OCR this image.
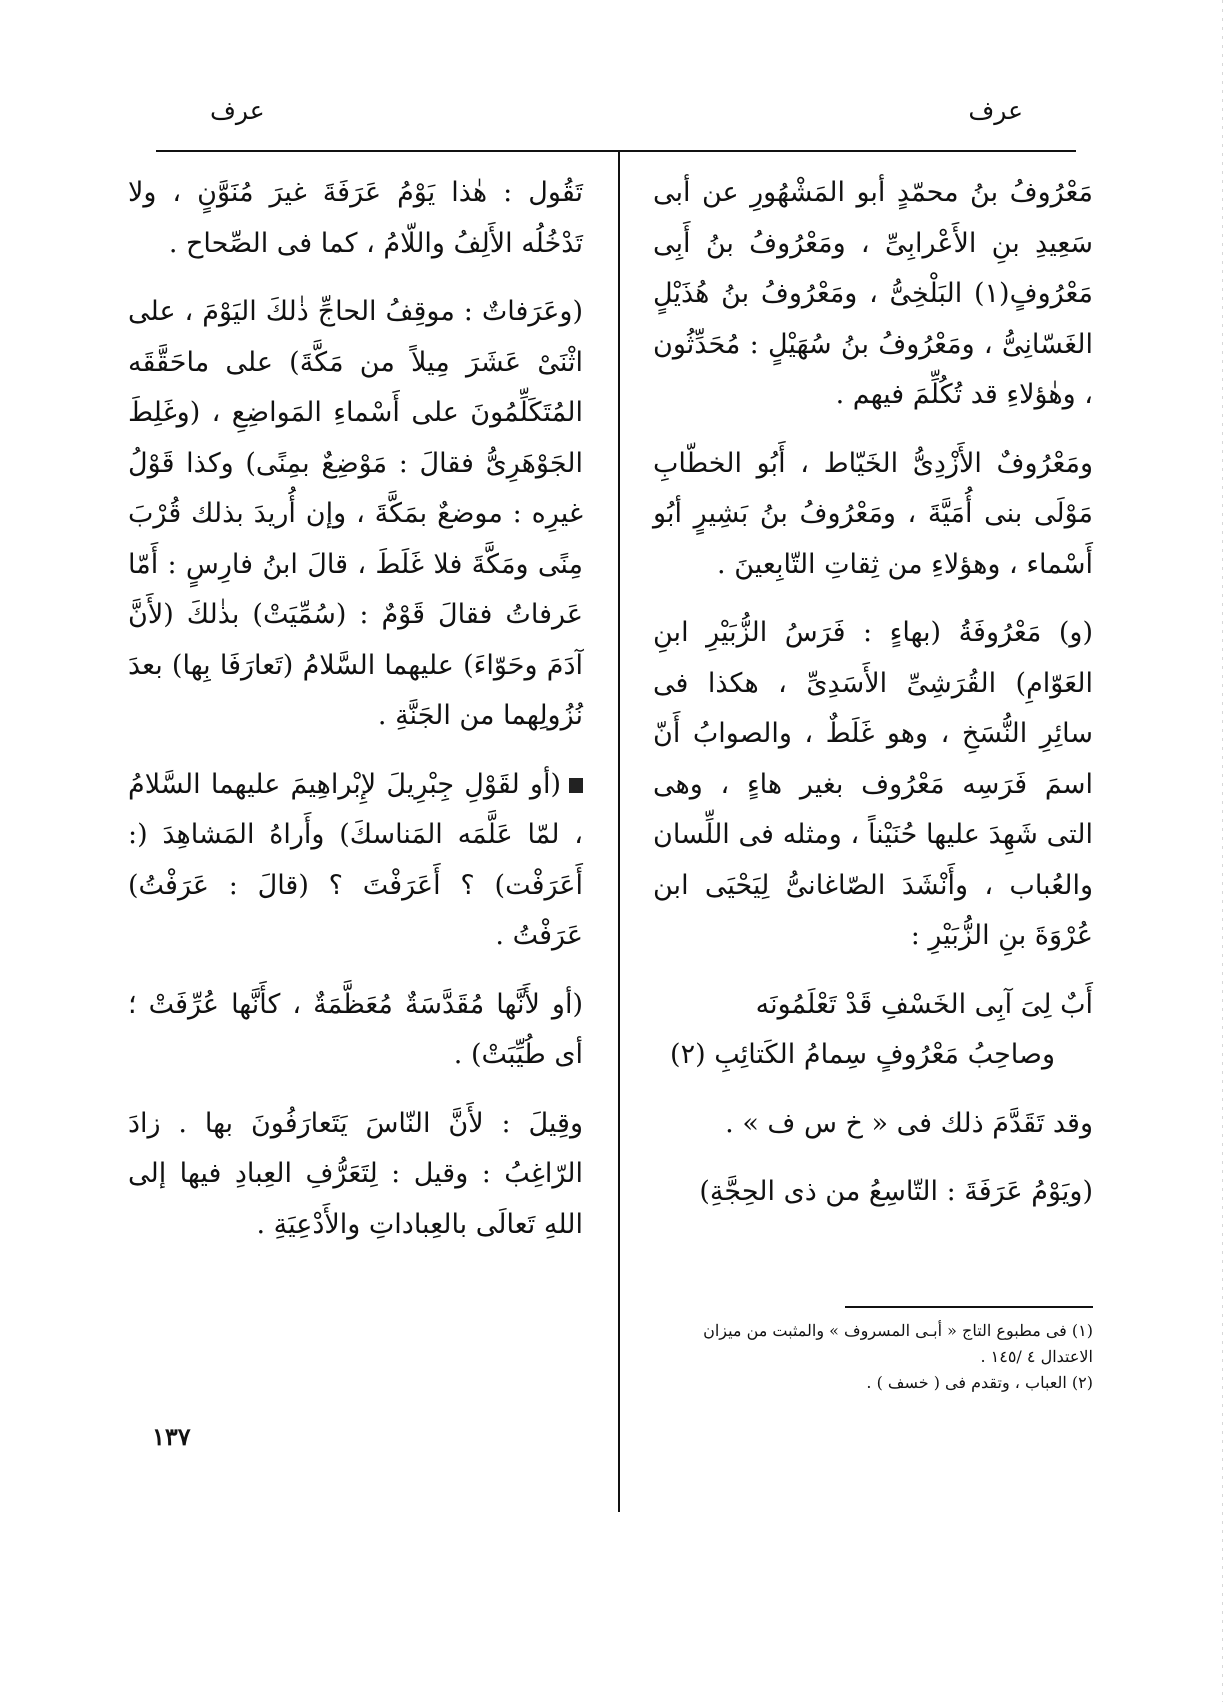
عرف
عرف

مَعْرُوفُ بنُ محمّدٍ أبو المَشْهُورِ عن أبى سَعِيدِ بنِ الأَعْرابِىِّ ، ومَعْرُوفُ بنُ أَبِى مَعْرُوفٍ(١) البَلْخِىُّ ، ومَعْرُوفُ بنُ هُذَيْلٍ الغَسّانِىُّ ، ومَعْرُوفُ بنُ سُهَيْلٍ : مُحَدِّثُون ، وهٰؤلاءِ قد تُكُلِّمَ فيهم .

ومَعْرُوفٌ الأَزْدِىُّ الخَيّاط ، أَبُو الخطّابِ مَوْلَى بنى أُمَيَّةَ ، ومَعْرُوفُ بنُ بَشِيرٍ أبُو أَسْماء ، وهؤلاءِ من ثِقاتِ التّابِعينَ .

(و) مَعْرُوفَةُ (بهاءٍ : فَرَسُ الزُّبَيْرِ ابنِ العَوّامِ) القُرَشِىِّ الأَسَدِىِّ ، هكذا فى سائِرِ النُّسَخِ ، وهو غَلَطٌ ، والصوابُ أَنّ اسمَ فَرَسِه مَعْرُوف بغير هاءٍ ، وهى التى شَهِدَ عليها حُنَيْناً ، ومثله فى اللِّسان والعُباب ، وأَنْشَدَ الصّاغانىُّ لِيَحْيَى ابن عُرْوَةَ بنِ الزُّبَيْرِ :

أَبٌ لِىَ آبِى الخَسْفِ قَدْ تَعْلَمُونَه
وصاحِبُ مَعْرُوفٍ سِمامُ الكَتائِبِ (٢)

وقد تَقَدَّمَ ذلك فى « خ س ف » .

(ويَوْمُ عَرَفَةَ : التّاسِعُ من ذى الحِجَّةِ)

(١) فى مطبوع التاج « أبـى المسروف » والمثبت من ميزان الاعتدال ٤ /١٤٥ .

(٢) العباب ، وتقدم فى ( خسف ) .

تَقُول : هٰذا يَوْمُ عَرَفَةَ غيرَ مُنَوَّنٍ ، ولا تَدْخُلُه الأَلِفُ واللّامُ ، كما فى الصِّحاح .

(وعَرَفاتٌ : موقِفُ الحاجِّ ذٰلكَ اليَوْمَ ، على اثْنَىْ عَشَرَ مِيلاً من مَكَّةَ) على ماحَقَّقَه المُتَكَلِّمُونَ على أَسْماءِ المَواضِعِ ، (وغَلِطَ الجَوْهَرِىُّ فقالَ : مَوْضِعٌ بمِنًى) وكذا قَوْلُ غيرِه : موضعٌ بمَكَّةَ ، وإن أُريدَ بذلك قُرْبَ مِنًى ومَكَّةَ فلا غَلَطَ ، قالَ ابنُ فارِسٍ : أَمّا عَرفاتُ فقالَ قَوْمٌ : (سُمِّيَتْ) بذٰلكَ (لأَنَّ آدَمَ وحَوّاءَ) عليهما السَّلامُ (تَعارَفَا بِها) بعدَ نُزُولِهما من الجَنَّةِ .

(أو لقَوْلِ جِبْرِيلَ لإِبْراهِيمَ عليهما السَّلامُ ، لمّا عَلَّمَه المَناسكَ) وأَراهُ المَشاهِدَ (: أَعَرَفْت) ؟ أَعَرَفْتَ ؟ (قالَ : عَرَفْتُ) عَرَفْتُ .

(أو لأَنَّها مُقَدَّسَةٌ مُعَظَّمَةٌ ، كأَنَّها عُرِّفَتْ ؛ أى طُيِّبَتْ) .

وقِيلَ : لأَنَّ النّاسَ يَتَعارَفُونَ بها . زادَ الرّاغِبُ : وقيل : لِتَعَرُّفِ العِبادِ فيها إلى اللهِ تَعالَى بالعِباداتِ والأَدْعِيَةِ .

١٣٧
